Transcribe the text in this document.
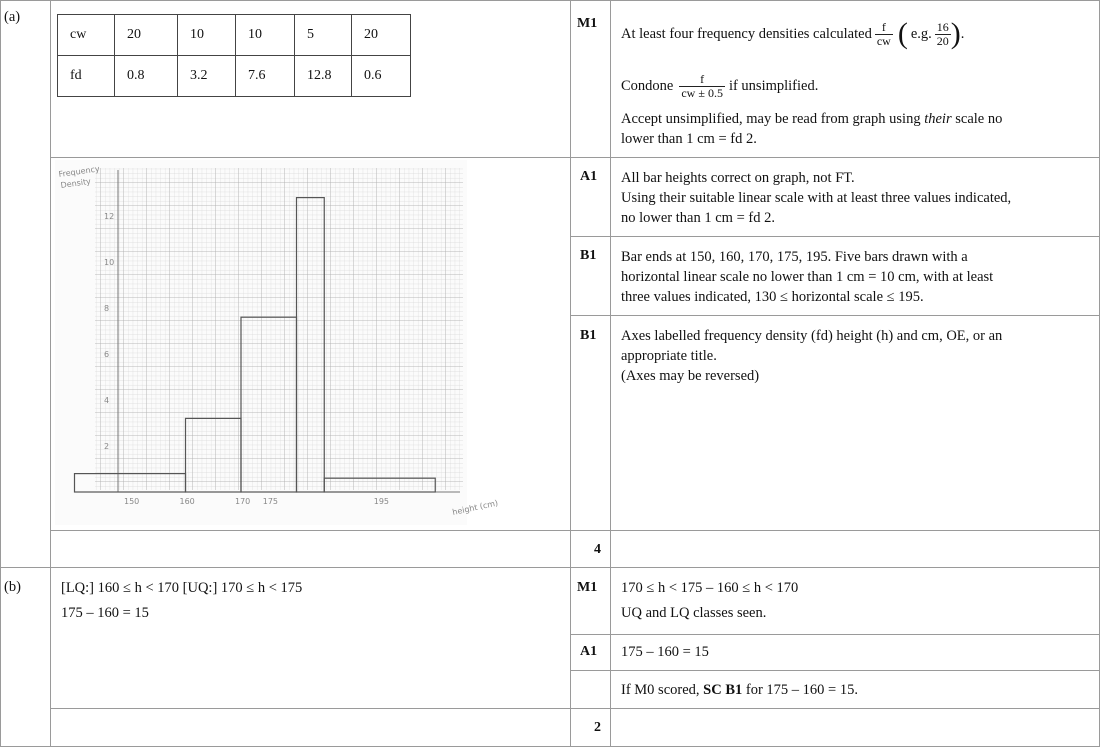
(a)
cw	20	10	10	5	20
fd	0.8	3.2	7.6	12.8	0.6
Frequency
Density
12
10
8
6
4
2
150	160	170 175	195	height (cm)
M1
At least four frequency densities calculated $\frac{f}{cw}$ ( e.g. $\frac{16}{20}$ ) .
Condone $\frac{f}{cw \pm 0.5}$ if unsimplified.
Accept unsimplified, may be read from graph using their scale no
lower than 1 cm = fd 2.
A1 All bar heights correct on graph, not FT.
Using their suitable linear scale with at least three values indicated,
no lower than 1 cm = fd 2.
B1 Bar ends at 150, 160, 170, 175, 195. Five bars drawn with a
horizontal linear scale no lower than 1 cm = 10 cm, with at least
three values indicated, 130 ≤ horizontal scale ≤ 195.
B1 Axes labelled frequency density (fd) height (h) and cm, OE, or an
appropriate title.
(Axes may be reversed)
4
(b)	[LQ:] 160 ≤ h < 170 [UQ:] 170 ≤ h < 175
175 – 160 = 15
M1 170 ≤ h < 175 – 160 ≤ h < 170
UQ and LQ classes seen.
A1 175 – 160 = 15
If M0 scored, SC B1 for 175 – 160 = 15.
2
